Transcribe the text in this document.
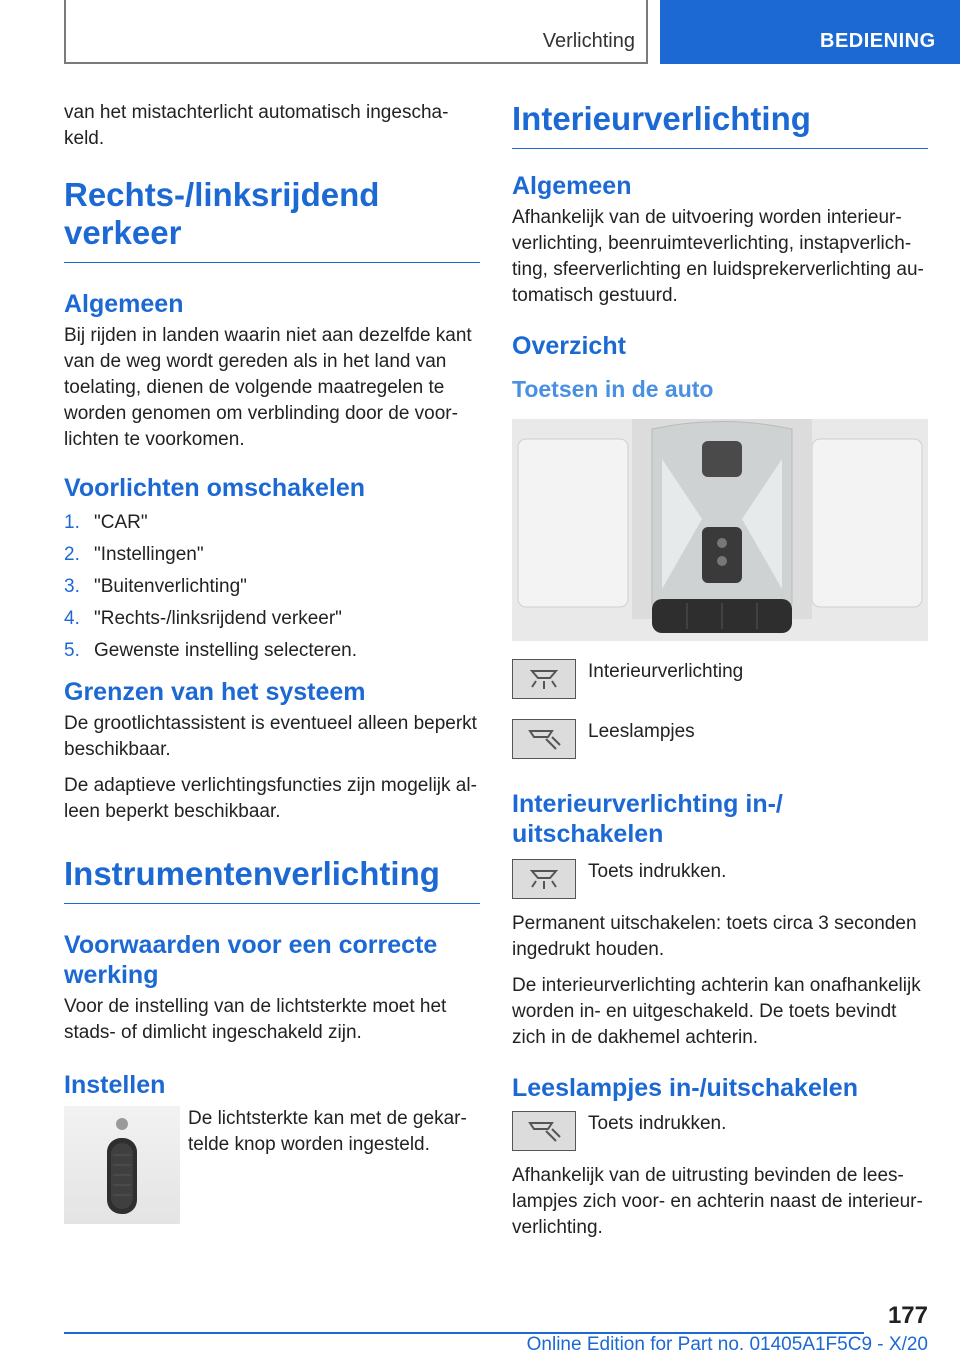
Verlichting	BEDIENING

van het mistachterlicht automatisch ingescha-keld.

Rechts-/linksrijdend verkeer
Algemeen

Bij rijden in landen waarin niet aan dezelfde kant van de weg wordt gereden als in het land van toelating, dienen de volgende maatregelen te worden genomen om verblinding door de voor-lichten te voorkomen.

Voorlichten omschakelen
1. "CAR"
2. "Instellingen"
3. "Buitenverlichting"
4. "Rechts-/linksrijdend verkeer"
5. Gewenste instelling selecteren.
Grenzen van het systeem

De grootlichtassistent is eventueel alleen beperkt beschikbaar.

De adaptieve verlichtingsfuncties zijn mogelijk al-leen beperkt beschikbaar.

Instrumentenverlichting
Voorwaarden voor een correcte werking

Voor de instelling van de lichtsterkte moet het stads- of dimlicht ingeschakeld zijn.

Instellen

De lichtsterkte kan met de gekar-telde knop worden ingesteld.

Interieurverlichting
Algemeen

Afhankelijk van de uitvoering worden interieur-verlichting, beenruimteverlichting, instapverlich-ting, sfeerverlichting en luidsprekerverlichting au-tomatisch gestuurd.

Overzicht
Toetsen in de auto

Interieurverlichting

Leeslampjes

Interieurverlichting in-/ uitschakelen

Toets indrukken.

Permanent uitschakelen: toets circa 3 seconden ingedrukt houden.

De interieurverlichting achterin kan onafhankelijk worden in- en uitgeschakeld. De toets bevindt zich in de dakhemel achterin.

Leeslampjes in-/uitschakelen

Toets indrukken.

Afhankelijk van de uitrusting bevinden de lees-lampjes zich voor- en achterin naast de interieur-verlichting.

177
Online Edition for Part no. 01405A1F5C9 - X/20
